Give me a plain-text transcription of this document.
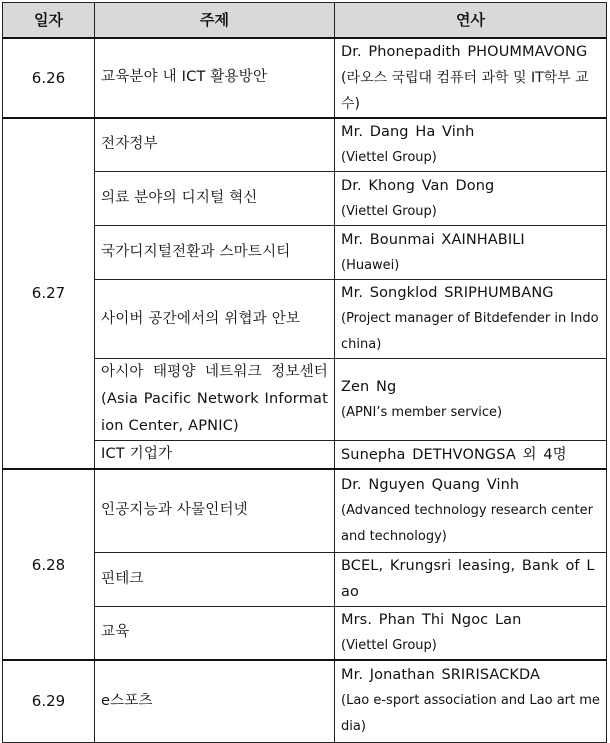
일자	주제	연사
6.26	교육분야 내 ICT 활용방안	Dr. Phonepadith PHOUMMAVONG
(라오스 국립대 컴퓨터 과학 및 IT학부 교수)

6.27	전자정부	Mr. Dang Ha Vinh
(Viettel Group)

	의료 분야의 디지털 혁신	Dr. Khong Van Dong
(Viettel Group)

	국가디지털전환과 스마트시티	Mr. Bounmai XAINHABILI
(Huawei)

	사이버 공간에서의 위협과 안보	Mr. Songklod SRIPHUMBANG
(Project manager of Bitdefender in Indochina)

	아시아 태평양 네트워크 정보센터(Asia Pacific Network Information Center, APNIC)	Zen Ng
(APNI’s member service)

	ICT 기업가	Sunepha DETHVONGSA 외 4명

6.28	인공지능과 사물인터넷	Dr. Nguyen Quang Vinh
(Advanced technology research center and technology)

	핀테크	BCEL, Krungsri leasing, Bank of Lao

	교육	Mrs. Phan Thi Ngoc Lan
(Viettel Group)

6.29	e스포츠	Mr. Jonathan SRIRISACKDA
(Lao e-sport association and Lao art media)
